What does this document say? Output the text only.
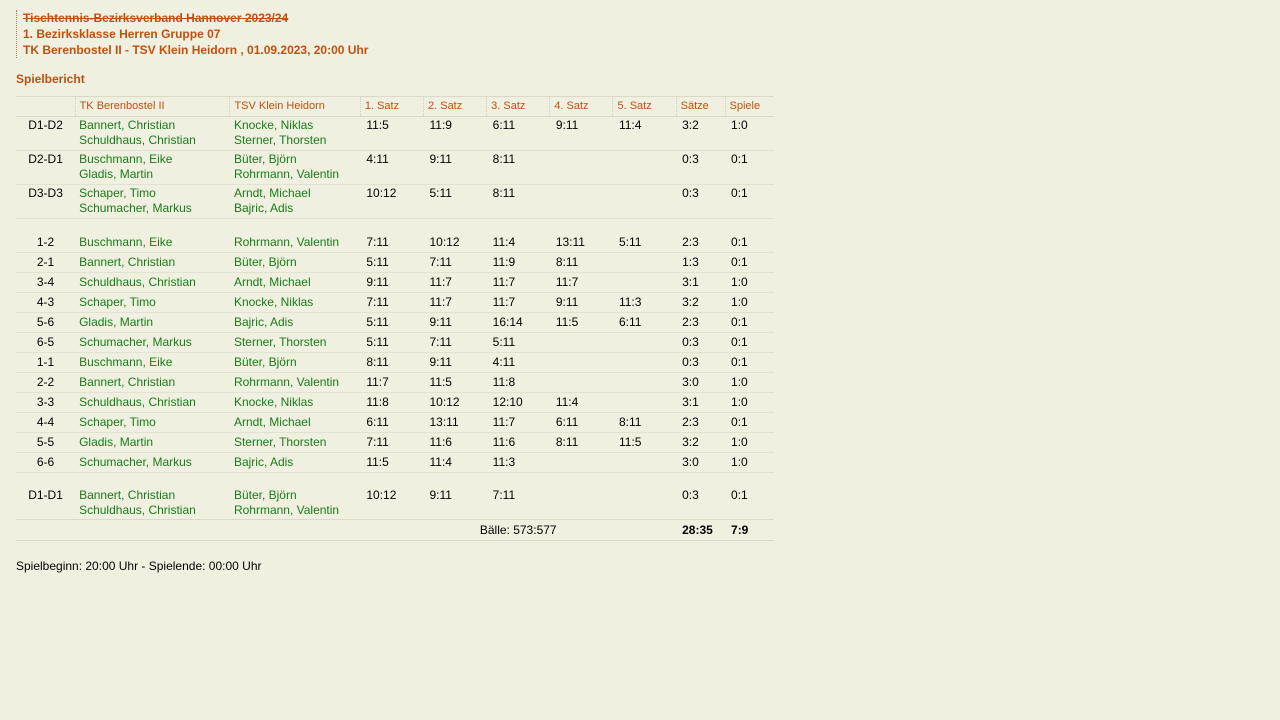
Tischtennis-Bezirksverband Hannover 2023/24
1. Bezirksklasse Herren Gruppe 07
TK Berenbostel II - TSV Klein Heidorn , 01.09.2023, 20:00 Uhr
Spielbericht
	TK Berenbostel II	TSV Klein Heidorn	1. Satz	2. Satz	3. Satz	4. Satz	5. Satz	Sätze	Spiele
D1-D2	Bannert, Christian	Knocke, Niklas	11:5	11:9	6:11	9:11	11:4	3:2	1:0
	Schuldhaus, Christian	Sterner, Thorsten							

D2-D1	Buschmann, Eike	Büter, Björn	4:11	9:11	8:11			0:3	0:1
	Gladis, Martin	Rohrmann, Valentin							

D3-D3	Schaper, Timo	Arndt, Michael	10:12	5:11	8:11			0:3	0:1
	Schumacher, Markus	Bajric, Adis							

1-2	Buschmann, Eike	Rohrmann, Valentin	7:11	10:12	11:4	13:11	5:11	2:3	0:1

2-1	Bannert, Christian	Büter, Björn	5:11	7:11	11:9	8:11		1:3	0:1

3-4	Schuldhaus, Christian	Arndt, Michael	9:11	11:7	11:7	11:7		3:1	1:0

4-3	Schaper, Timo	Knocke, Niklas	7:11	11:7	11:7	9:11	11:3	3:2	1:0

5-6	Gladis, Martin	Bajric, Adis	5:11	9:11	16:14	11:5	6:11	2:3	0:1

6-5	Schumacher, Markus	Sterner, Thorsten	5:11	7:11	5:11			0:3	0:1

1-1	Buschmann, Eike	Büter, Björn	8:11	9:11	4:11			0:3	0:1

2-2	Bannert, Christian	Rohrmann, Valentin	11:7	11:5	11:8			3:0	1:0

3-3	Schuldhaus, Christian	Knocke, Niklas	11:8	10:12	12:10	11:4		3:1	1:0

4-4	Schaper, Timo	Arndt, Michael	6:11	13:11	11:7	6:11	8:11	2:3	0:1

5-5	Gladis, Martin	Sterner, Thorsten	7:11	11:6	11:6	8:11	11:5	3:2	1:0

6-6	Schumacher, Markus	Bajric, Adis	11:5	11:4	11:3			3:0	1:0

D1-D1	Bannert, Christian	Büter, Björn	10:12	9:11	7:11			0:3	0:1
	Schuldhaus, Christian	Rohrmann, Valentin							
			Bälle: 573:577					28:35	7:9
Spielbeginn: 20:00 Uhr - Spielende: 00:00 Uhr
